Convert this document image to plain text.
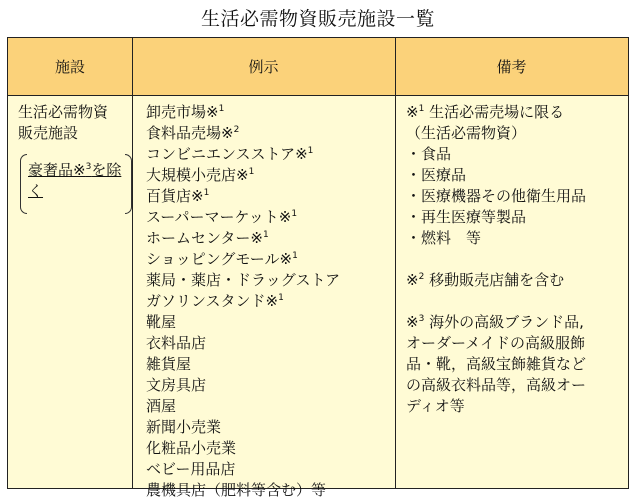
生活必需物資販売施設一覧
施設	例示	備考
生活必需物資
販売施設
豪奢品※$^3$を除く
卸売市場※$^1$
食料品売場※$^2$
コンビニエンスストア※$^1$
大規模小売店※$^1$
百貨店※$^1$
スーパーマーケット※$^1$
ホームセンター※$^1$
ショッピングモール※$^1$
薬局・薬店・ドラッグストア
ガソリンスタンド※$^1$
靴屋
衣料品店
雑貨屋
文房具店
酒屋
新聞小売業
化粧品小売業
ベビー用品店
農機具店（肥料等含む）等
※$^1$ 生活必需売場に限る
（生活必需物資）
・食品
・医療品
・医療機器その他衛生用品
・再生医療等製品
・燃料　等

※$^2$ 移動販売店舗を含む

※$^3$ 海外の高級ブランド品,
オーダーメイドの高級服飾
品・靴，高級宝飾雑貨など
の高級衣料品等，高級オー
ディオ等
